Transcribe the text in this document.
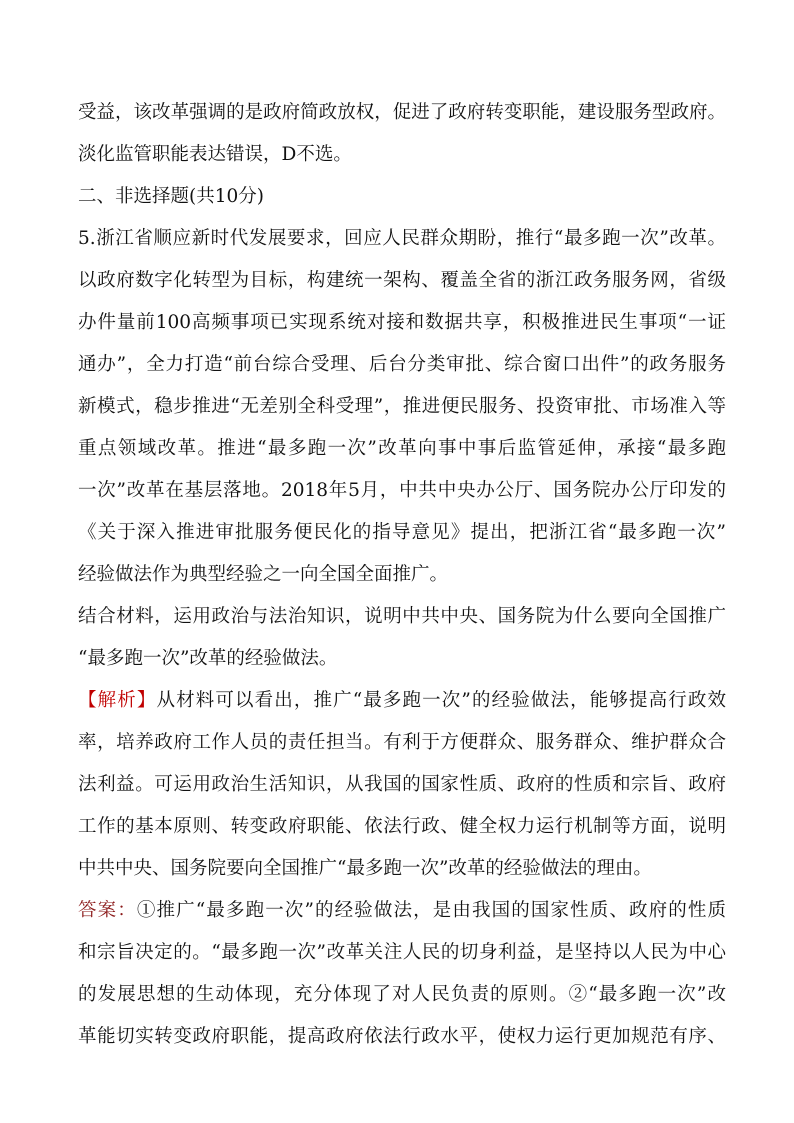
受益，该改革强调的是政府简政放权，促进了政府转变职能，建设服务型政府。
淡化监管职能表达错误，D不选。
二、非选择题(共10分)
5.浙江省顺应新时代发展要求，回应人民群众期盼，推行“最多跑一次”改革。
以政府数字化转型为目标，构建统一架构、覆盖全省的浙江政务服务网，省级
办件量前100高频事项已实现系统对接和数据共享，积极推进民生事项“一证
通办”，全力打造“前台综合受理、后台分类审批、综合窗口出件”的政务服务
新模式，稳步推进“无差别全科受理”，推进便民服务、投资审批、市场准入等
重点领域改革。推进“最多跑一次”改革向事中事后监管延伸，承接“最多跑
一次”改革在基层落地。2018年5月，中共中央办公厅、国务院办公厅印发的
《关于深入推进审批服务便民化的指导意见》提出，把浙江省“最多跑一次”
经验做法作为典型经验之一向全国全面推广。
结合材料，运用政治与法治知识，说明中共中央、国务院为什么要向全国推广
“最多跑一次”改革的经验做法。
【解析】从材料可以看出，推广“最多跑一次”的经验做法，能够提高行政效
率，培养政府工作人员的责任担当。有利于方便群众、服务群众、维护群众合
法利益。可运用政治生活知识，从我国的国家性质、政府的性质和宗旨、政府
工作的基本原则、转变政府职能、依法行政、健全权力运行机制等方面，说明
中共中央、国务院要向全国推广“最多跑一次”改革的经验做法的理由。
答案：①推广“最多跑一次”的经验做法，是由我国的国家性质、政府的性质
和宗旨决定的。“最多跑一次”改革关注人民的切身利益，是坚持以人民为中心
的发展思想的生动体现，充分体现了对人民负责的原则。②“最多跑一次”改
革能切实转变政府职能，提高政府依法行政水平，使权力运行更加规范有序、
